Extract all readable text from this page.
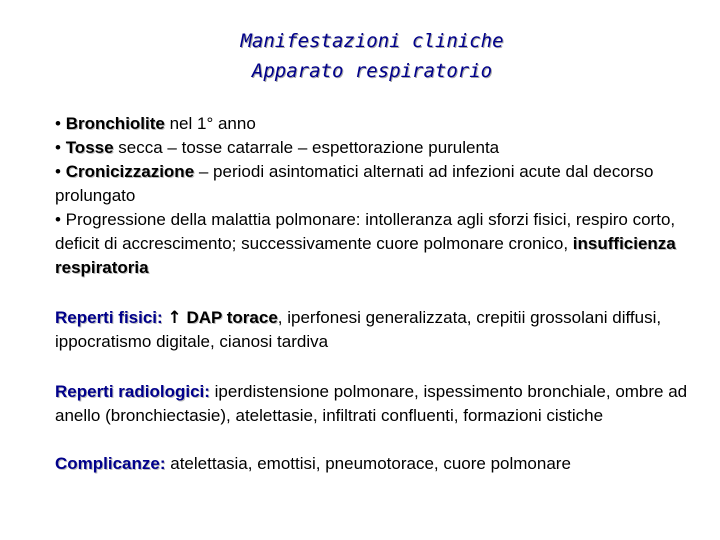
Manifestazioni cliniche
Apparato respiratorio

• Bronchiolite nel 1° anno

• Tosse secca – tosse catarrale – espettorazione purulenta

• Cronicizzazione – periodi asintomatici alternati ad infezioni acute dal decorso prolungato

• Progressione della malattia polmonare: intolleranza agli sforzi fisici, respiro corto, deficit di accrescimento; successivamente cuore polmonare cronico, insufficienza respiratoria

Reperti fisici: ↑ DAP torace, iperfonesi generalizzata, crepitii grossolani diffusi, ippocratismo digitale, cianosi tardiva

Reperti radiologici: iperdistensione polmonare, ispessimento bronchiale, ombre ad anello (bronchiectasie), atelettasie, infiltrati confluenti, formazioni cistiche

Complicanze: atelettasia, emottisi, pneumotorace, cuore polmonare
